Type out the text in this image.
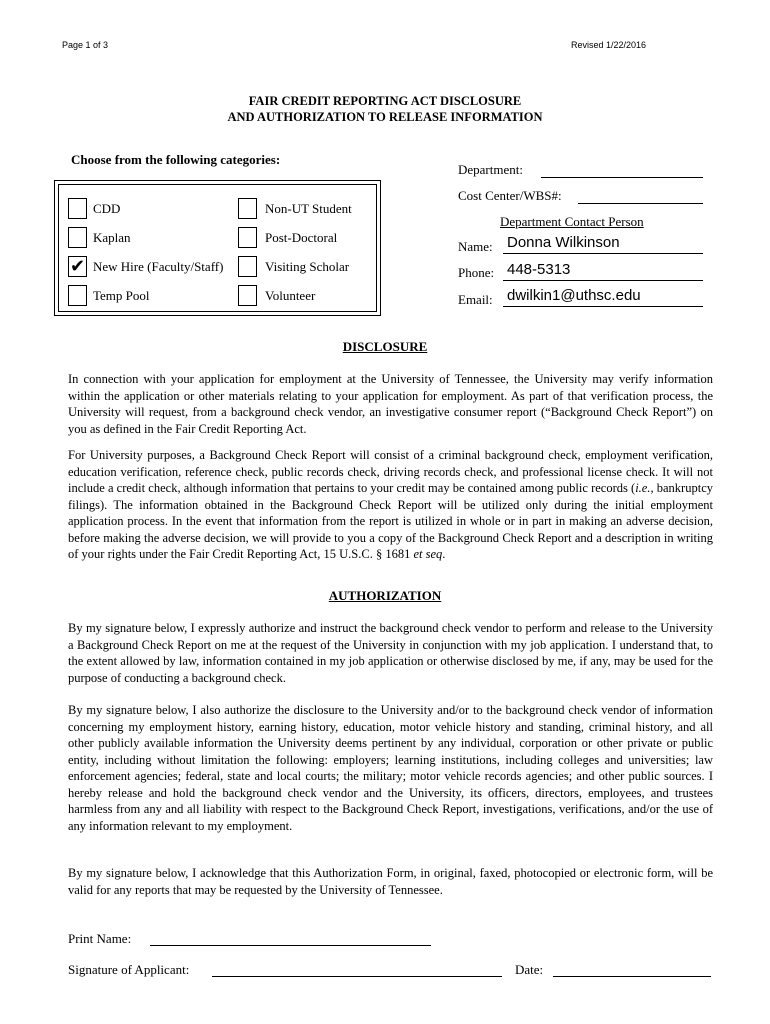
Page 1 of 3	Revised 1/22/2016
FAIR CREDIT REPORTING ACT DISCLOSURE
AND AUTHORIZATION TO RELEASE INFORMATION
Choose from the following categories:
CDD	Non-UT Student
Kaplan	Post-Doctoral
✔ New Hire (Faculty/Staff)	Visiting Scholar
Temp Pool	Volunteer
Department:
Cost Center/WBS#:
Department Contact Person
Name: Donna Wilkinson
Phone: 448-5313
Email: dwilkin1@uthsc.edu
DISCLOSURE

In connection with your application for employment at the University of Tennessee, the University may verify information within the application or other materials relating to your application for employment. As part of that verification process, the University will request, from a background check vendor, an investigative consumer report (“Background Check Report”) on you as defined in the Fair Credit Reporting Act.

For University purposes, a Background Check Report will consist of a criminal background check, employment verification, education verification, reference check, public records check, driving records check, and professional license check. It will not include a credit check, although information that pertains to your credit may be contained among public records (i.e., bankruptcy filings). The information obtained in the Background Check Report will be utilized only during the initial employment application process. In the event that information from the report is utilized in whole or in part in making an adverse decision, before making the adverse decision, we will provide to you a copy of the Background Check Report and a description in writing of your rights under the Fair Credit Reporting Act, 15 U.S.C. § 1681 et seq.

AUTHORIZATION

By my signature below, I expressly authorize and instruct the background check vendor to perform and release to the University a Background Check Report on me at the request of the University in conjunction with my job application. I understand that, to the extent allowed by law, information contained in my job application or otherwise disclosed by me, if any, may be used for the purpose of conducting a background check.

By my signature below, I also authorize the disclosure to the University and/or to the background check vendor of information concerning my employment history, earning history, education, motor vehicle history and standing, criminal history, and all other publicly available information the University deems pertinent by any individual, corporation or other private or public entity, including without limitation the following: employers; learning institutions, including colleges and universities; law enforcement agencies; federal, state and local courts; the military; motor vehicle records agencies; and other public sources. I hereby release and hold the background check vendor and the University, its officers, directors, employees, and trustees harmless from any and all liability with respect to the Background Check Report, investigations, verifications, and/or the use of any information relevant to my employment.

By my signature below, I acknowledge that this Authorization Form, in original, faxed, photocopied or electronic form, will be valid for any reports that may be requested by the University of Tennessee.

Print Name:
Signature of Applicant:	Date:
